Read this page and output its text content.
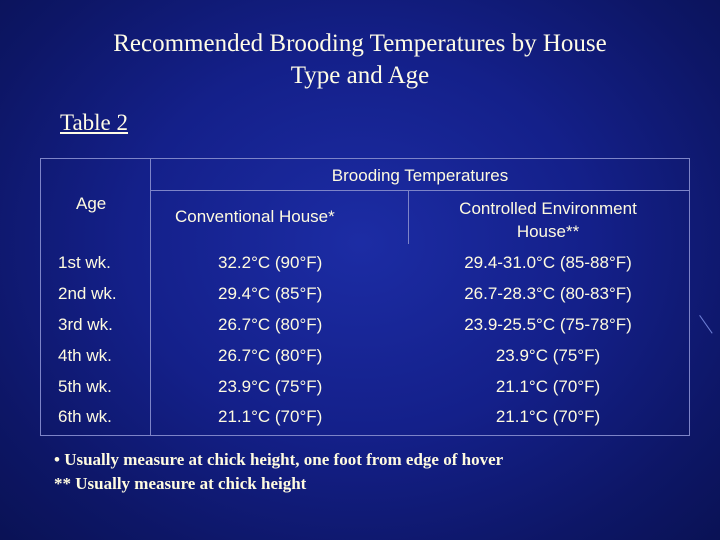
Recommended Brooding Temperatures by House
Type and Age
Table 2
Age
Brooding Temperatures
Conventional House*	Controlled Environment
House**
1st wk.	32.2°C (90°F)	29.4-31.0°C (85-88°F)
2nd wk.	29.4°C (85°F)	26.7-28.3°C (80-83°F)
3rd wk.	26.7°C (80°F)	23.9-25.5°C (75-78°F)
4th wk.	26.7°C (80°F)	23.9°C (75°F)
5th wk.	23.9°C (75°F)	21.1°C (70°F)
6th wk.	21.1°C (70°F)	21.1°C (70°F)
• Usually measure at chick height, one foot from edge of hover
** Usually measure at chick height
